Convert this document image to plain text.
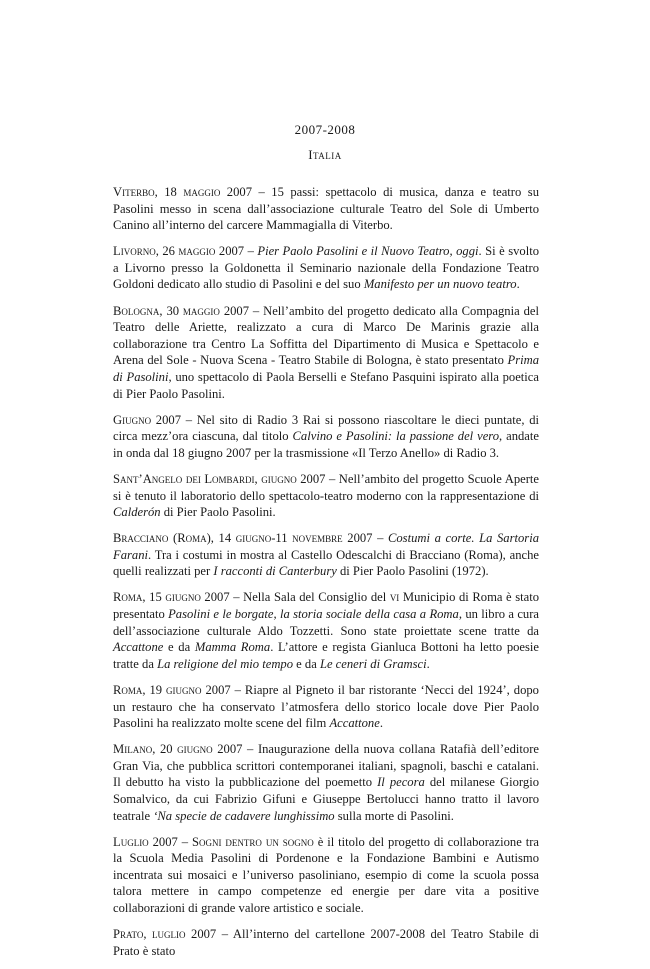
2007-2008
Italia

Viterbo, 18 maggio 2007 – 15 passi: spettacolo di musica, danza e teatro su Pasolini messo in scena dall’associazione culturale Teatro del Sole di Umberto Canino all’interno del carcere Mammagialla di Viterbo.

Livorno, 26 maggio 2007 – Pier Paolo Pasolini e il Nuovo Teatro, oggi. Si è svolto a Livorno presso la Goldonetta il Seminario nazionale della Fondazione Teatro Goldoni dedicato allo studio di Pasolini e del suo Manifesto per un nuovo teatro.

Bologna, 30 maggio 2007 – Nell’ambito del progetto dedicato alla Compagnia del Teatro delle Ariette, realizzato a cura di Marco De Marinis grazie alla collaborazione tra Centro La Soffitta del Dipartimento di Musica e Spettacolo e Arena del Sole - Nuova Scena - Teatro Stabile di Bologna, è stato presentato Prima di Pasolini, uno spettacolo di Paola Berselli e Stefano Pasquini ispirato alla poetica di Pier Paolo Pasolini.

Giugno 2007 – Nel sito di Radio 3 Rai si possono riascoltare le dieci puntate, di circa mezz’ora ciascuna, dal titolo Calvino e Pasolini: la passione del vero, andate in onda dal 18 giugno 2007 per la trasmissione «Il Terzo Anello» di Radio 3.

Sant’Angelo dei Lombardi, giugno 2007 – Nell’ambito del progetto Scuole Aperte si è tenuto il laboratorio dello spettacolo-teatro moderno con la rappresentazione di Calderón di Pier Paolo Pasolini.

Bracciano (Roma), 14 giugno-11 novembre 2007 – Costumi a corte. La Sartoria Farani. Tra i costumi in mostra al Castello Odescalchi di Bracciano (Roma), anche quelli realizzati per I racconti di Canterbury di Pier Paolo Pasolini (1972).

Roma, 15 giugno 2007 – Nella Sala del Consiglio del vi Municipio di Roma è stato presentato Pasolini e le borgate, la storia sociale della casa a Roma, un libro a cura dell’associazione culturale Aldo Tozzetti. Sono state proiettate scene tratte da Accattone e da Mamma Roma. L’attore e regista Gianluca Bottoni ha letto poesie tratte da La religione del mio tempo e da Le ceneri di Gramsci.

Roma, 19 giugno 2007 – Riapre al Pigneto il bar ristorante ‘Necci del 1924’, dopo un restauro che ha conservato l’atmosfera dello storico locale dove Pier Paolo Pasolini ha realizzato molte scene del film Accattone.

Milano, 20 giugno 2007 – Inaugurazione della nuova collana Ratafià dell’editore Gran Via, che pubblica scrittori contemporanei italiani, spagnoli, baschi e catalani. Il debutto ha visto la pubblicazione del poemetto Il pecora del milanese Giorgio Somalvico, da cui Fabrizio Gifuni e Giuseppe Bertolucci hanno tratto il lavoro teatrale ‘Na specie de cadavere lunghissimo sulla morte di Pasolini.

Luglio 2007 – Sogni dentro un sogno è il titolo del progetto di collaborazione tra la Scuola Media Pasolini di Pordenone e la Fondazione Bambini e Autismo incentrata sui mosaici e l’universo pasoliniano, esempio di come la scuola possa talora mettere in campo competenze ed energie per dare vita a positive collaborazioni di grande valore artistico e sociale.

Prato, luglio 2007 – All’interno del cartellone 2007-2008 del Teatro Stabile di Prato è stato
